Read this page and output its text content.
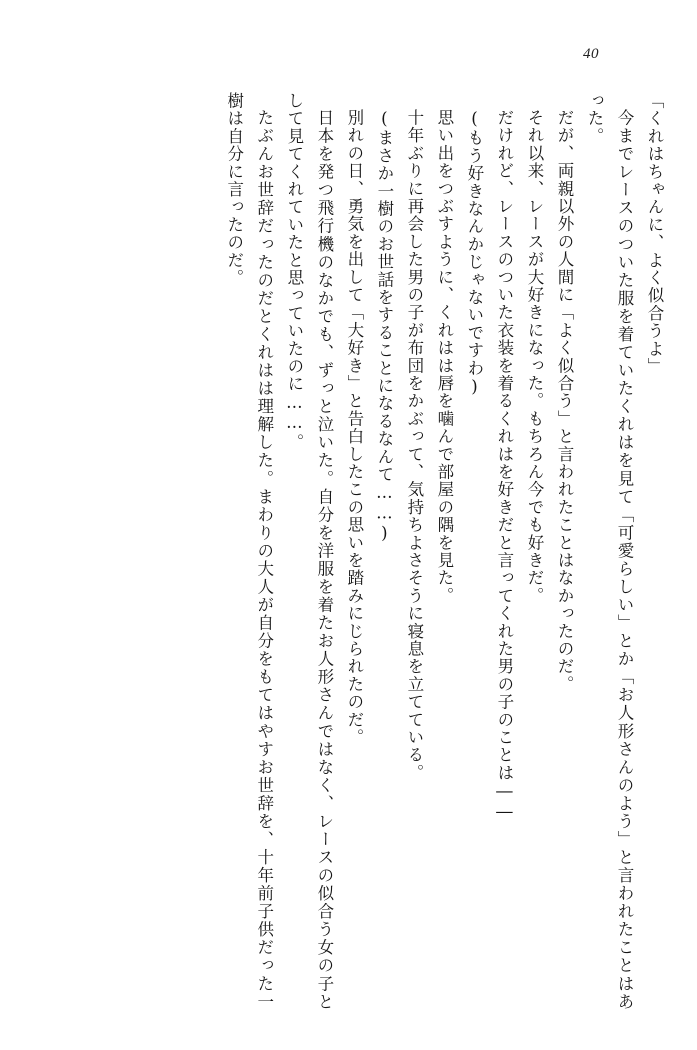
40

「くれはちゃんに、よく似合うよ」

今までレースのついた服を着ていたくれはを見て「可愛らしい」とか「お人形さんのよう」と言われたことはあった。

だが、両親以外の人間に「よく似合う」と言われたことはなかったのだ。

それ以来、レースが大好きになった。もちろん今でも好きだ。

だけれど、レースのついた衣装を着るくれはを好きだと言ってくれた男の子のことは――

(もう好きなんかじゃないですわ)

思い出をつぶすように、くれはは唇を噛んで部屋の隅を見た。

十年ぶりに再会した男の子が布団をかぶって、気持ちよさそうに寝息を立てている。

(まさか一樹のお世話をすることになるなんて……)

別れの日、勇気を出して「大好き」と告白したこの思いを踏みにじられたのだ。

日本を発つ飛行機のなかでも、ずっと泣いた。自分を洋服を着たお人形さんではなく、レースの似合う女の子として見てくれていたと思っていたのに……。

たぶんお世辞だったのだとくれはは理解した。まわりの大人が自分をもてはやすお世辞を、十年前子供だった一樹は自分に言ったのだ。
